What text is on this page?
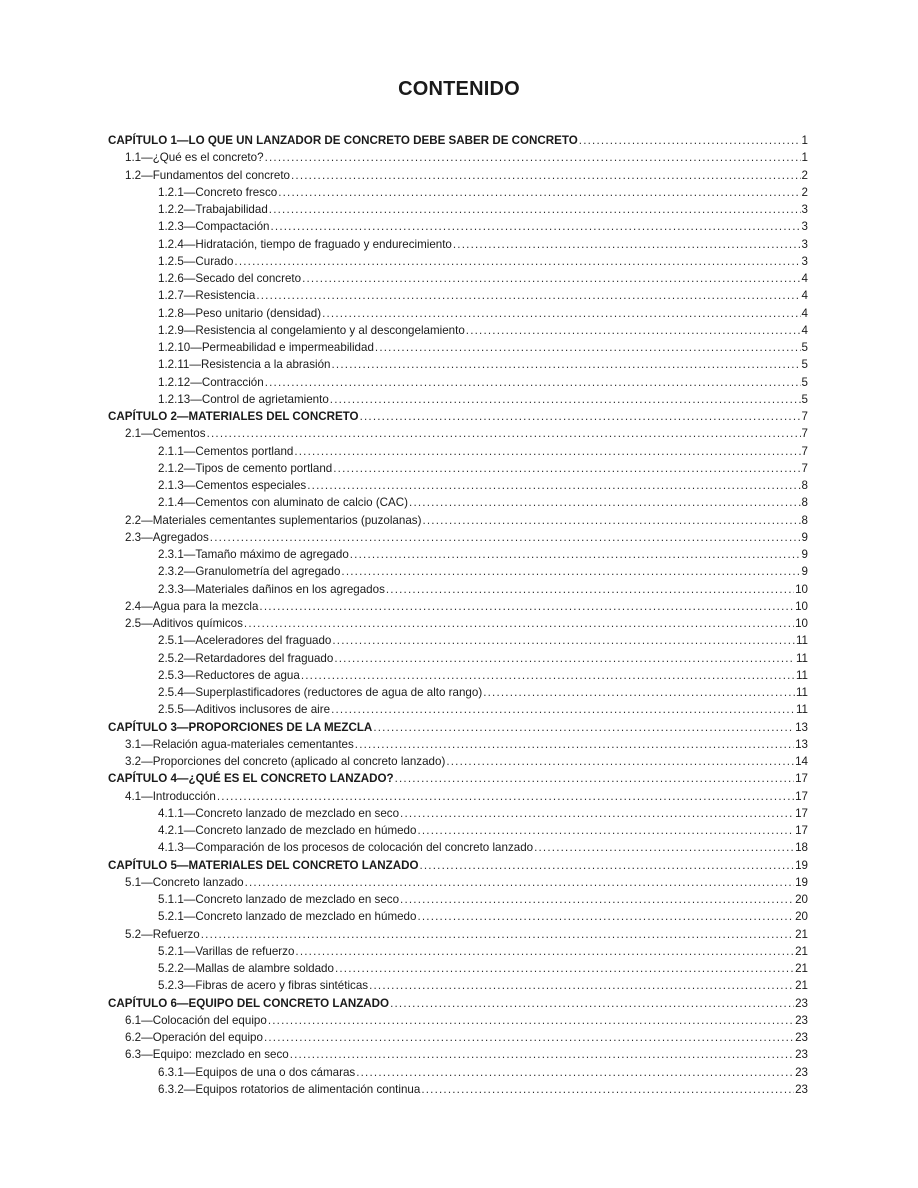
CONTENIDO
CAPÍTULO 1—LO QUE UN LANZADOR DE CONCRETO DEBE SABER DE CONCRETO .....	1
1.1—¿Qué es el concreto? .....	1
1.2—Fundamentos del concreto .....	2
1.2.1—Concreto fresco .....	2
1.2.2—Trabajabilidad .....	3
1.2.3—Compactación .....	3
1.2.4—Hidratación, tiempo de fraguado y endurecimiento .....	3
1.2.5—Curado .....	3
1.2.6—Secado del concreto .....	4
1.2.7—Resistencia .....	4
1.2.8—Peso unitario (densidad) .....	4
1.2.9—Resistencia al congelamiento y al descongelamiento .....	4
1.2.10—Permeabilidad e impermeabilidad .....	5
1.2.11—Resistencia a la abrasión .....	5
1.2.12—Contracción .....	5
1.2.13—Control de agrietamiento .....	5
CAPÍTULO 2—MATERIALES DEL CONCRETO .....	7
2.1—Cementos .....	7
2.1.1—Cementos portland .....	7
2.1.2—Tipos de cemento portland .....	7
2.1.3—Cementos especiales .....	8
2.1.4—Cementos con aluminato de calcio (CAC) .....	8
2.2—Materiales cementantes suplementarios (puzolanas) .....	8
2.3—Agregados .....	9
2.3.1—Tamaño máximo de agregado .....	9
2.3.2—Granulometría del agregado .....	9
2.3.3—Materiales dañinos en los agregados .....	10
2.4—Agua para la mezcla .....	10
2.5—Aditivos químicos .....	10
2.5.1—Aceleradores del fraguado .....	11
2.5.2—Retardadores del fraguado .....	11
2.5.3—Reductores de agua .....	11
2.5.4—Superplastificadores (reductores de agua de alto rango) .....	11
2.5.5—Aditivos inclusores de aire .....	11
CAPÍTULO 3—PROPORCIONES DE LA MEZCLA .....	13
3.1—Relación agua-materiales cementantes .....	13
3.2—Proporciones del concreto (aplicado al concreto lanzado) .....	14
CAPÍTULO 4—¿QUÉ ES EL CONCRETO LANZADO? .....	17
4.1—Introducción .....	17
4.1.1—Concreto lanzado de mezclado en seco .....	17
4.2.1—Concreto lanzado de mezclado en húmedo .....	17
4.1.3—Comparación de los procesos de colocación del concreto lanzado .....	18
CAPÍTULO 5—MATERIALES DEL CONCRETO LANZADO .....	19
5.1—Concreto lanzado .....	19
5.1.1—Concreto lanzado de mezclado en seco .....	20
5.2.1—Concreto lanzado de mezclado en húmedo .....	20
5.2—Refuerzo .....	21
5.2.1—Varillas de refuerzo .....	21
5.2.2—Mallas de alambre soldado .....	21
5.2.3—Fibras de acero y fibras sintéticas .....	21
CAPÍTULO 6—EQUIPO DEL CONCRETO LANZADO .....	23
6.1—Colocación del equipo .....	23
6.2—Operación del equipo .....	23
6.3—Equipo: mezclado en seco .....	23
6.3.1—Equipos de una o dos cámaras .....	23
6.3.2—Equipos rotatorios de alimentación continua .....	23
